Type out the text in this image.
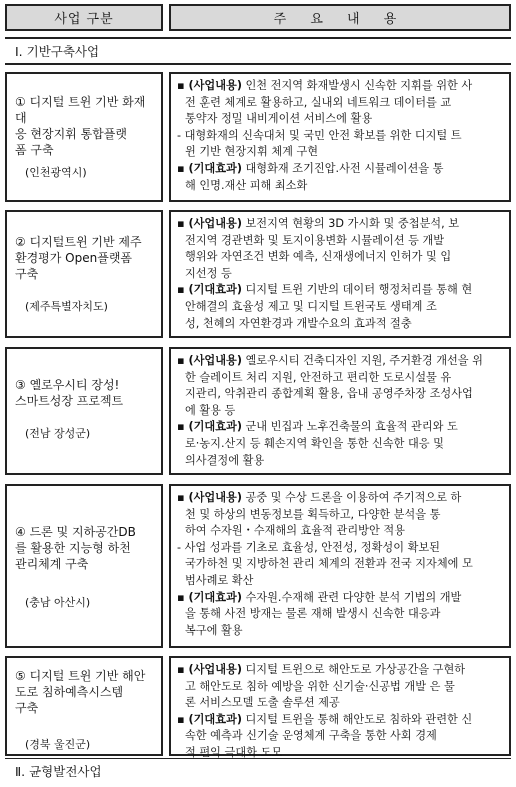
사업 구분	주 요 내 용
Ⅰ. 기반구축사업
① 디지털 트윈 기반 화재대
응 현장지휘 통합플랫
폼 구축
(인천광역시)
▪ (사업내용) 인천 전지역 화재발생시 신속한 지휘를 위한 사
전 훈련 체계로 활용하고, 실내외 네트워크 데이터를 교
통약자 정밀 내비게이션 서비스에 활용
- 대형화재의 신속대처 및 국민 안전 확보를 위한 디지털 트
윈 기반 현장지휘 체계 구현
▪ (기대효과) 대형화재 조기진압.사전 시뮬레이션을 통
해 인명.재산 피해 최소화
② 디지털트윈 기반 제주
환경평가 Open플랫폼
구축
(제주특별자치도)
▪ (사업내용) 보전지역 현황의 3D 가시화 및 중첩분석, 보
전지역 경관변화 및 토지이용변화 시뮬레이션 등 개발
행위와 자연조건 변화 예측, 신재생에너지 인허가 및 입
지선정 등
▪ (기대효과) 디지털 트윈 기반의 데이터 행정처리를 통해 현
안해결의 효율성 제고 및 디지털 트윈국토 생태계 조
성, 천혜의 자연환경과 개발수요의 효과적 절충
③ 옐로우시티 장성!
스마트성장 프로젝트
(전남 장성군)
▪ (사업내용) 옐로우시티 건축디자인 지원, 주거환경 개선을 위
한 슬레이트 처리 지원, 안전하고 편리한 도로시설물 유
지관리, 악취관리 종합계획 활용, 읍내 공영주차장 조성사업
에 활용 등
▪ (기대효과) 군내 빈집과 노후건축물의 효율적 관리와 도
로·농지.산지 등 훼손지역 확인을 통한 신속한 대응 및
의사결정에 활용
④ 드론 및 지하공간DB
를 활용한 지능형 하천
관리체계 구축
(충남 아산시)
▪ (사업내용) 공중 및 수상 드론을 이용하여 주기적으로 하
천 및 하상의 변동정보를 획득하고, 다양한 분석을 통
하여 수자원・수재해의 효율적 관리방안 적용
- 사업 성과를 기초로 효율성, 안전성, 정확성이 확보된
국가하천 및 지방하천 관리 체계의 전환과 전국 지자체에 모
범사례로 확산
▪ (기대효과) 수자원.수재해 관련 다양한 분석 기법의 개발
을 통해 사전 방재는 물론 재해 발생시 신속한 대응과
복구에 활용
⑤ 디지털 트윈 기반 해안
도로 침하예측시스템
구축
(경북 울진군)
▪ (사업내용) 디지털 트윈으로 해안도로 가상공간을 구현하
고 해안도로 침하 예방을 위한 신기술·신공법 개발 은 물
론 서비스모델 도출 솔루션 제공
▪ (기대효과) 디지털 트윈을 통해 해안도로 침하와 관련한 신
속한 예측과 신기술 운영체계 구축을 통한 사회 경제
적 편익 극대화 도모
Ⅱ. 균형발전사업
